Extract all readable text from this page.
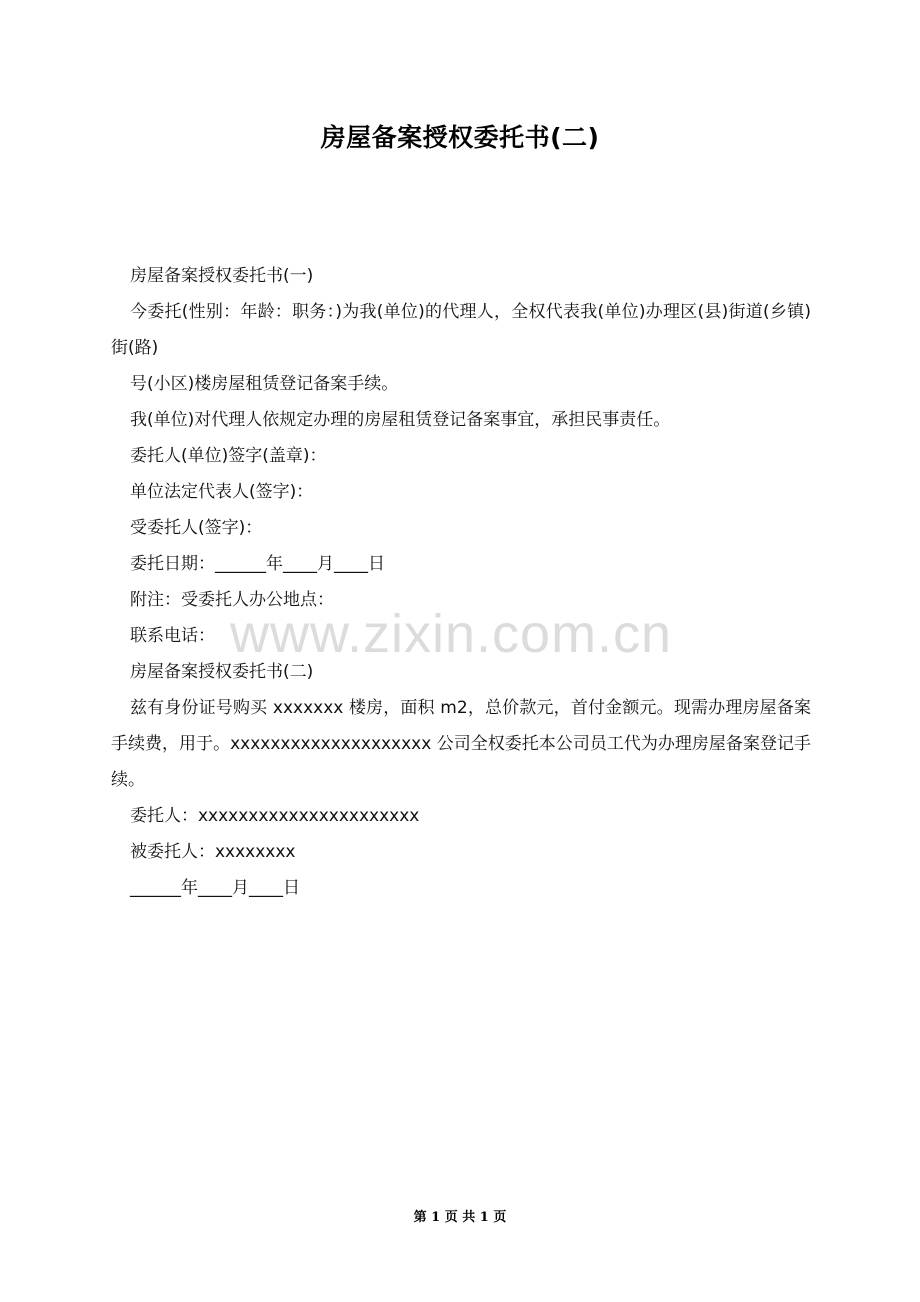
房屋备案授权委托书(二)

房屋备案授权委托书(一)

今委托(性别：年龄：职务：)为我(单位)的代理人，全权代表我(单位)办理区(县)街道(乡镇)街(路)

号(小区)楼房屋租赁登记备案手续。

我(单位)对代理人依规定办理的房屋租赁登记备案事宜，承担民事责任。

委托人(单位)签字(盖章)：

单位法定代表人(签字)：

受委托人(签字)：

委托日期：______年____月____日

附注：受委托人办公地点：

联系电话：

房屋备案授权委托书(二)

兹有身份证号购买 xxxxxxx 楼房，面积 m2，总价款元，首付金额元。现需办理房屋备案手续费，用于。xxxxxxxxxxxxxxxxxxxx 公司全权委托本公司员工代为办理房屋备案登记手续。

委托人：xxxxxxxxxxxxxxxxxxxxxx

被委托人：xxxxxxxx

______年____月____日

www.zixin.com.cn
第 1 页 共 1 页
